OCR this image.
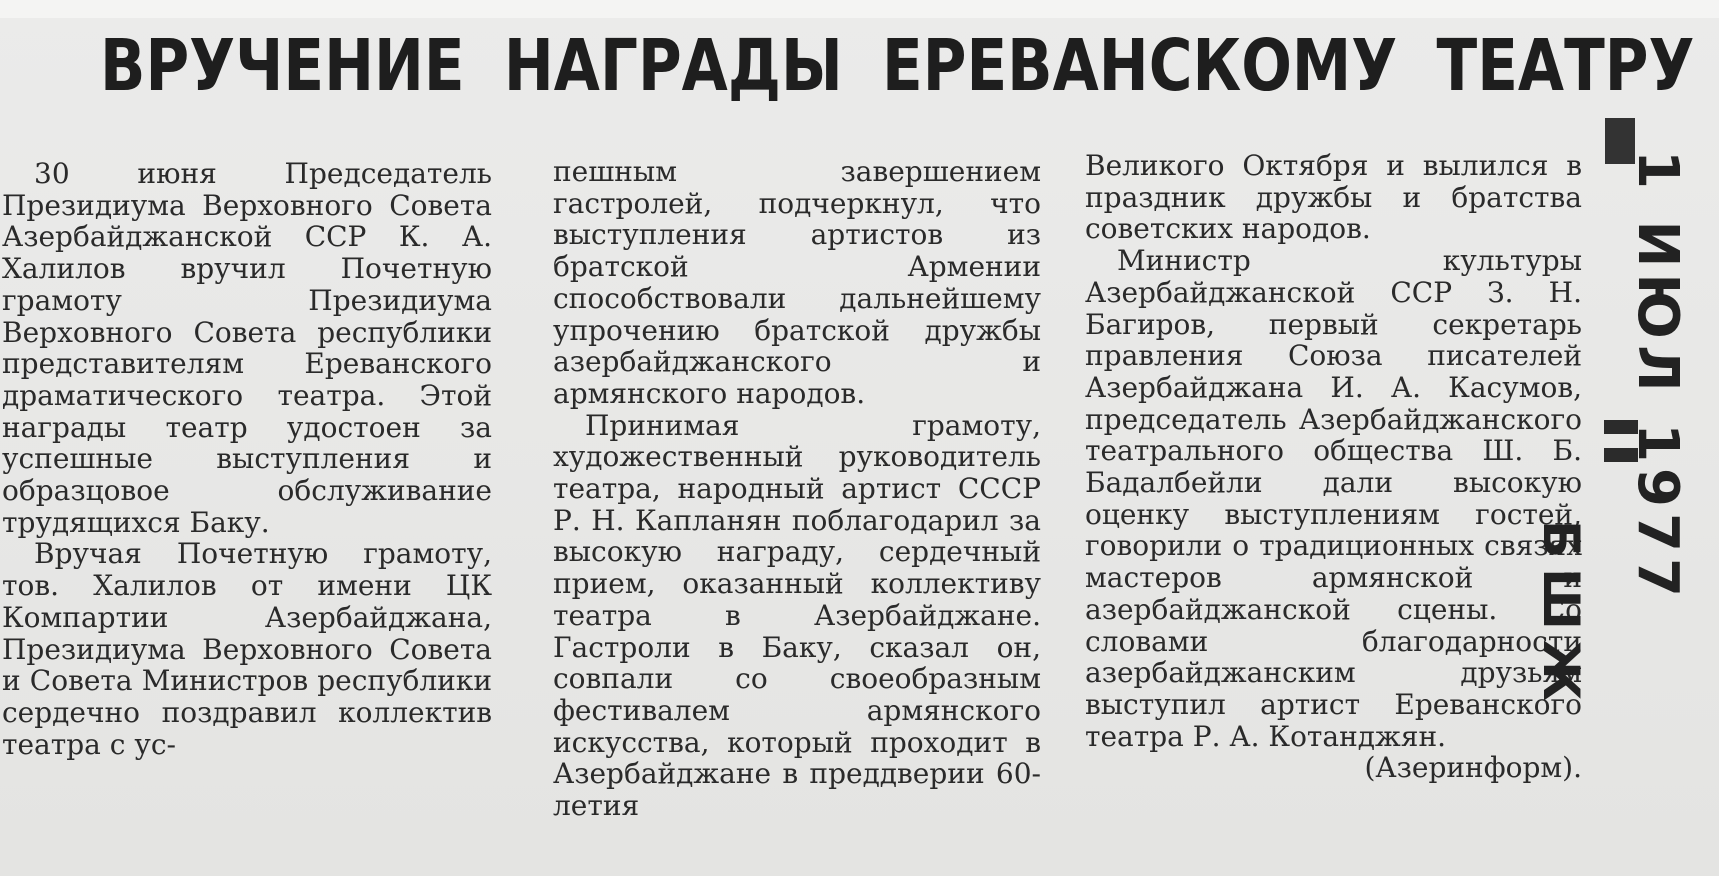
ВРУЧЕНИЕ НАГРАДЫ ЕРЕВАНСКОМУ ТЕАТРУ

30 июня Председатель Президиума Верховного Совета Азербайджанской ССР К. А. Халилов вручил Почетную грамоту Президиума Верховного Совета республики представителям Ереванского драматического театра. Этой награды театр удостоен за успешные выступления и образцовое обслуживание трудящихся Баку.

Вручая Почетную грамоту, тов. Халилов от имени ЦК Компартии Азербайджана, Президиума Верховного Совета и Совета Министров республики сердечно поздравил коллектив театра с ус-

пешным завершением гастролей, подчеркнул, что выступления артистов из братской Армении способствовали дальнейшему упрочению братской дружбы азербайджанского и армянского народов.

Принимая грамоту, художественный руководитель театра, народный артист СССР Р. Н. Капланян поблагодарил за высокую награду, сердечный прием, оказанный коллективу театра в Азербайджане. Гастроли в Баку, сказал он, совпали со своеобразным фестивалем армянского искусства, который проходит в Азербайджане в преддверии 60-летия

Великого Октября и вылился в праздник дружбы и братства советских народов.

Министр культуры Азербайджанской ССР З. Н. Багиров, первый секретарь правления Союза писателей Азербайджана И. А. Касумов, председатель Азербайджанского театрального общества Ш. Б. Бадалбейли дали высокую оценку выступлениям гостей, говорили о традиционных связях мастеров армянской и азербайджанской сцены. Со словами благодарности азербайджанским друзьям выступил артист Ереванского театра Р. А. Котанджян.

(Азеринформ).

1 ИЮЛ 1977
БШЖ
